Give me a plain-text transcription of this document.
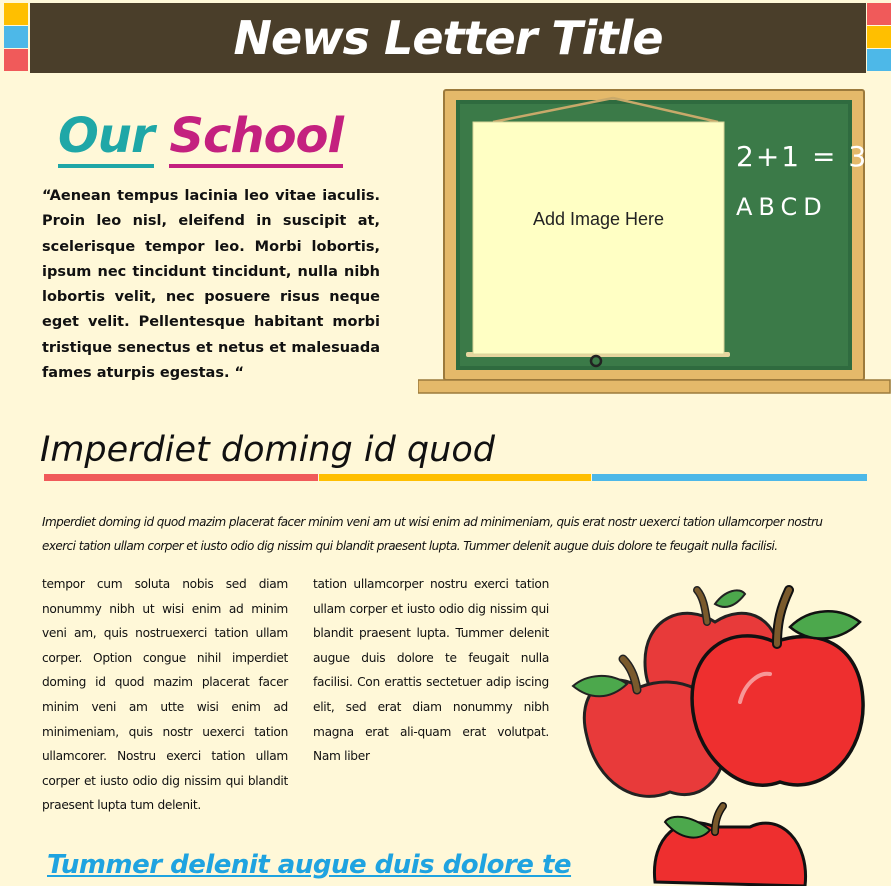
News Letter Title
Our School
“Aenean tempus lacinia leo vitae iaculis. Proin leo nisl, eleifend in suscipit at, scelerisque tempor leo. Morbi lobortis, ipsum nec tincidunt tincidunt, nulla nibh lobortis velit, nec posuere risus neque eget velit. Pellentesque habitant morbi tristique senectus et netus et malesuada fames aturpis egestas. “
Add Image Here
2+1 = 3
ABCD
Imperdiet doming id quod
Imperdiet doming id quod mazim placerat facer minim veni am ut wisi enim ad minimeniam, quis erat nostr uexerci tation ullamcorper nostru exerci tation ullam corper et iusto odio dig nissim qui blandit praesent lupta. Tummer delenit augue duis dolore te feugait nulla facilisi.
tempor cum soluta nobis sed diam nonummy nibh ut wisi enim ad minim veni am, quis nostruexerci tation ullam corper. Option congue nihil imperdiet doming id quod mazim placerat facer minim veni am utte wisi enim ad minimeniam, quis nostr uexerci tation ullamcorer. Nostru exerci tation ullam corper et iusto odio dig nissim qui blandit praesent lupta tum delenit.
tation ullamcorper nostru exerci tation ullam corper et iusto odio dig nissim qui blandit praesent lupta. Tummer delenit augue duis dolore te feugait nulla facilisi. Con erattis sectetuer adip iscing elit, sed erat diam nonummy nibh magna erat ali-quam erat volutpat. Nam liber
Tummer delenit augue duis dolore te
